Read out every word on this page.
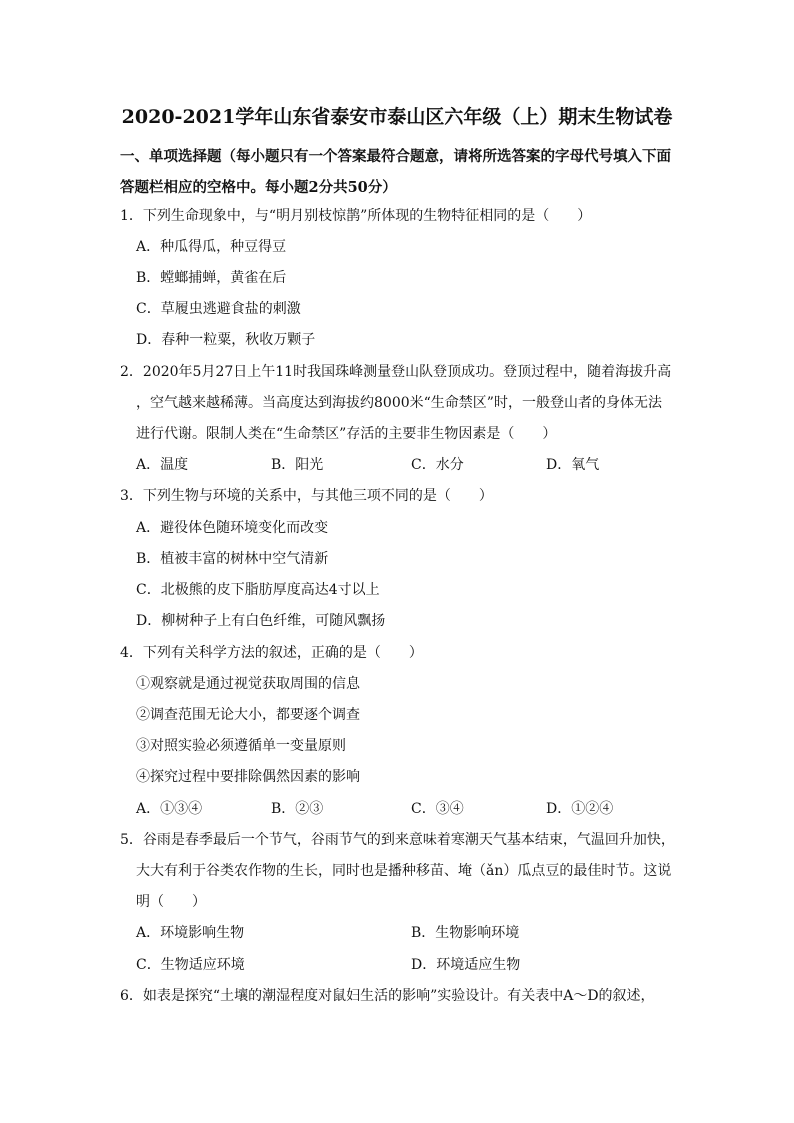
2020-2021学年山东省泰安市泰山区六年级（上）期末生物试卷
一、单项选择题（每小题只有一个答案最符合题意，请将所选答案的字母代号填入下面答题栏相应的空格中。每小题2分共50分）
1．下列生命现象中，与“明月别枝惊鹊”所体现的生物特征相同的是（　　）
A．种瓜得瓜，种豆得豆
B．螳螂捕蝉，黄雀在后
C．草履虫逃避食盐的刺激
D．春种一粒粟，秋收万颗子
2．2020年5月27日上午11时我国珠峰测量登山队登顶成功。登顶过程中，随着海拔升高
，空气越来越稀薄。当高度达到海拔约8000米“生命禁区”时，一般登山者的身体无法
进行代谢。限制人类在“生命禁区”存活的主要非生物因素是（　　）
A．温度	B．阳光	C．水分	D．氧气
3．下列生物与环境的关系中，与其他三项不同的是（　　）
A．避役体色随环境变化而改变
B．植被丰富的树林中空气清新
C．北极熊的皮下脂肪厚度高达4寸以上
D．柳树种子上有白色纤维，可随风飘扬
4．下列有关科学方法的叙述，正确的是（　　）
①观察就是通过视觉获取周围的信息
②调查范围无论大小，都要逐个调查
③对照实验必须遵循单一变量原则
④探究过程中要排除偶然因素的影响
A．①③④	B．②③	C．③④	D．①②④
5．谷雨是春季最后一个节气，谷雨节气的到来意味着寒潮天气基本结束，气温回升加快，
大大有利于谷类农作物的生长，同时也是播种移苗、埯（ǎn）瓜点豆的最佳时节。这说
明（　　）
A．环境影响生物	B．生物影响环境
C．生物适应环境	D．环境适应生物
6．如表是探究“土壤的潮湿程度对鼠妇生活的影响”实验设计。有关表中A～D的叙述，
